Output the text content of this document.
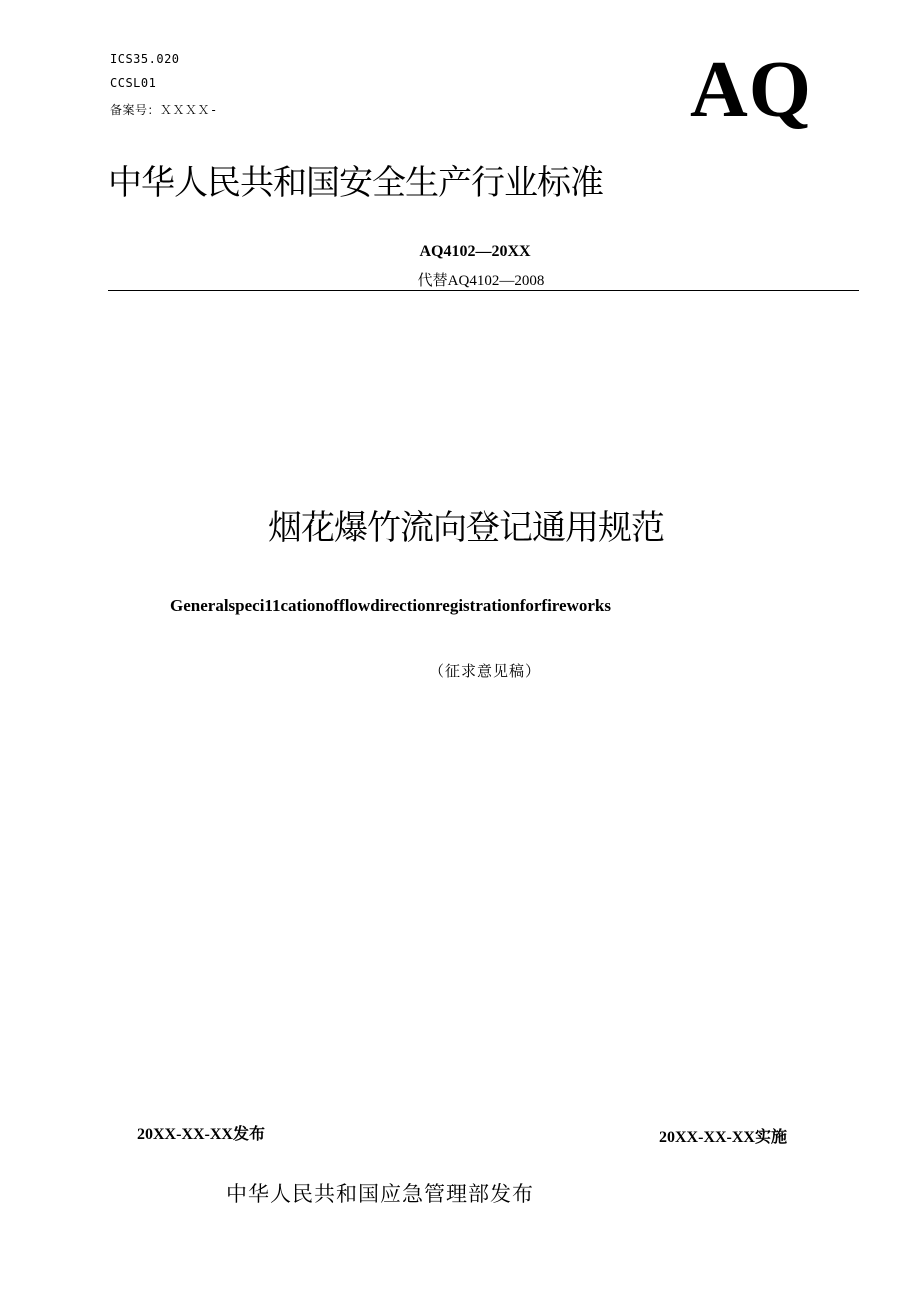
ICS35.020
CCSL01
备案号：ＸＸＸＸ-	AQ
中华人民共和国安全生产行业标准
AQ4102—20XX
代替AQ4102—2008
烟花爆竹流向登记通用规范
Generalspeci11cationofflowdirectionregistrationforfireworks
（征求意见稿）
20XX-XX-XX发布	20XX-XX-XX实施
中华人民共和国应急管理部发布
